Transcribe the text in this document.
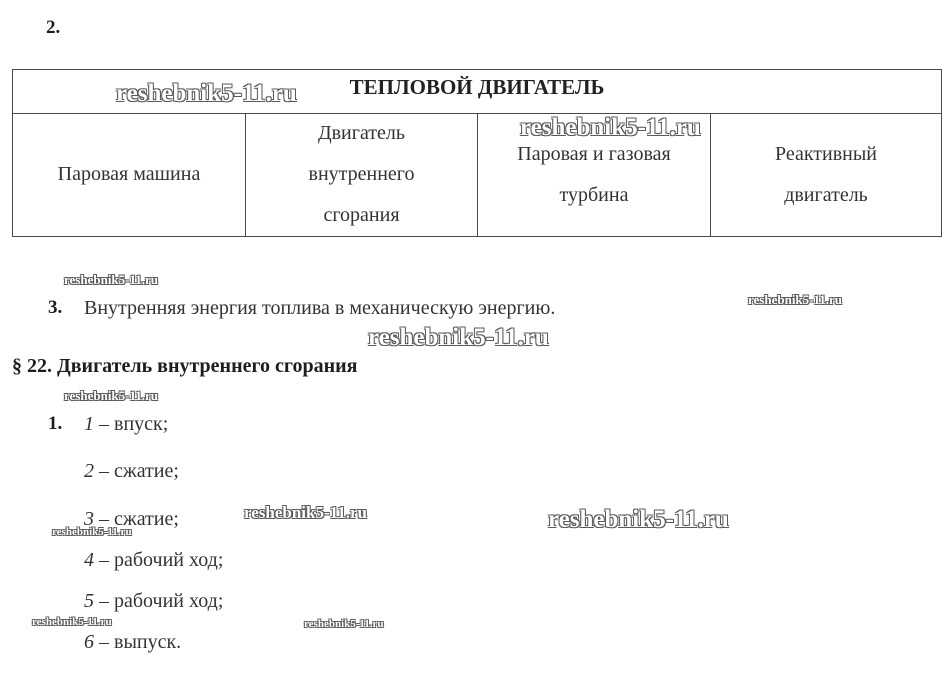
2.
ТЕПЛОВОЙ ДВИГАТЕЛЬ
Паровая машина
Двигатель
внутреннего
сгорания
Паровая и газовая
турбина
Реактивный
двигатель
3. Внутренняя энергия топлива в механическую энергию.
§ 22. Двигатель внутреннего сгорания
1. 1 – впуск;
2 – сжатие;
3 – сжатие;
4 – рабочий ход;
5 – рабочий ход;
6 – выпуск.
reshebnik5-11.ru
reshebnik5-11.ru
reshebnik5-11.ru
reshebnik5-11.ru
reshebnik5-11.ru
reshebnik5-11.ru
reshebnik5-11.ru	reshebnik5-11.ru
reshebnik5-11.ru
reshebnik5-11.ru	reshebnik5-11.ru
